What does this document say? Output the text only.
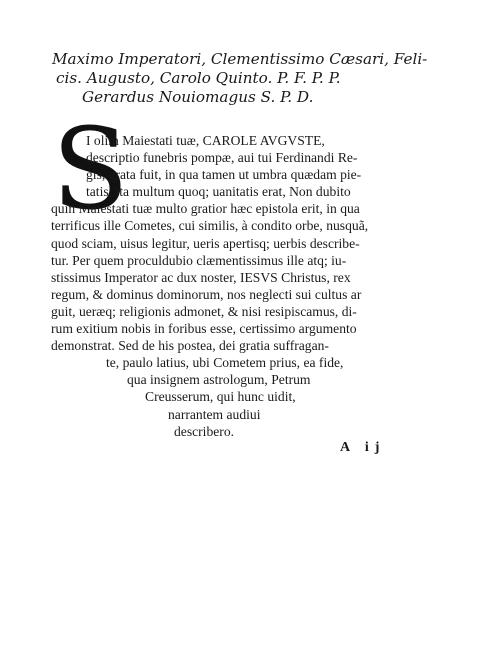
Maximo Imperatori, Clementissimo Cæsari, Feli-
cis. Augusto, Carolo Quinto. P. F. P. P.
Gerardus Nouiomagus S. P. D.
S
I olim Maiestati tuæ, CAROLE AVGVSTE,
descriptio funebris pompæ, aui tui Ferdinandi Re-
gis, grata fuit, in qua tamen ut umbra quædam pie-
tatis, ita multum quoq; uanitatis erat, Non dubito
quin Maiestati tuæ multo gratior hæc epistola erit, in qua
terrificus ille Cometes, cui similis, à condito orbe, nusquã,
quod sciam, uisus legitur, ueris apertisq; uerbis describe-
tur. Per quem proculdubio clæmentissimus ille atq; iu-
stissimus Imperator ac dux noster, IESVS Christus, rex
regum, & dominus dominorum, nos neglecti sui cultus ar
guit, ueræq; religionis admonet, & nisi resipiscamus, di-
rum exitium nobis in foribus esse, certissimo argumento
demonstrat. Sed de his postea, dei gratia suffragan-
te, paulo latius, ubi Cometem prius, ea fide,
qua insignem astrologum, Petrum
Creusserum, qui hunc uidit,
narrantem audiui
describero.
A ij
